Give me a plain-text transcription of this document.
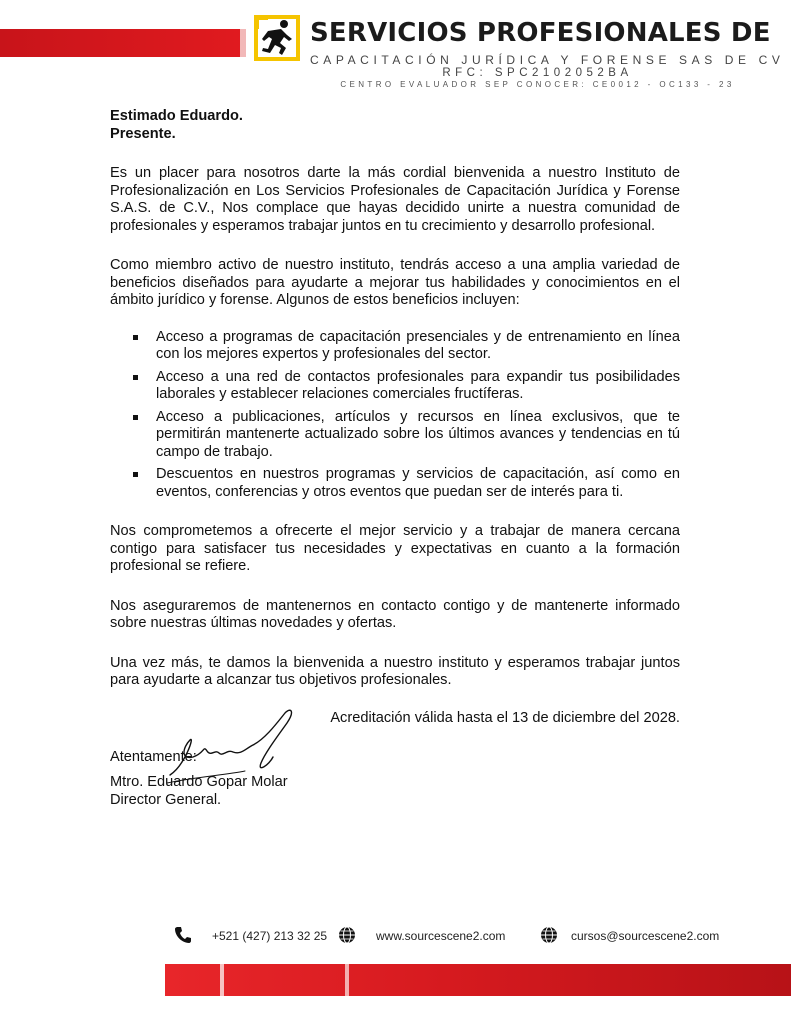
SERVICIOS PROFESIONALES DE
CAPACITACIÓN JURÍDICA Y FORENSE SAS DE CV
RFC: SPC2102052BA
CENTRO EVALUADOR SEP CONOCER: CE0012 - OC133 - 23

Estimado Eduardo.

Presente.

Es un placer para nosotros darte la más cordial bienvenida a nuestro Instituto de Profesionalización en Los Servicios Profesionales de Capacitación Jurídica y Forense S.A.S. de C.V., Nos complace que hayas decidido unirte a nuestra comunidad de profesionales y esperamos trabajar juntos en tu crecimiento y desarrollo profesional.

Como miembro activo de nuestro instituto, tendrás acceso a una amplia variedad de beneficios diseñados para ayudarte a mejorar tus habilidades y conocimientos en el ámbito jurídico y forense. Algunos de estos beneficios incluyen:

Acceso a programas de capacitación presenciales y de entrenamiento en línea con los mejores expertos y profesionales del sector.
Acceso a una red de contactos profesionales para expandir tus posibilidades laborales y establecer relaciones comerciales fructíferas.
Acceso a publicaciones, artículos y recursos en línea exclusivos, que te permitirán mantenerte actualizado sobre los últimos avances y tendencias en tú campo de trabajo.
Descuentos en nuestros programas y servicios de capacitación, así como en eventos, conferencias y otros eventos que puedan ser de interés para ti.

Nos comprometemos a ofrecerte el mejor servicio y a trabajar de manera cercana contigo para satisfacer tus necesidades y expectativas en cuanto a la formación profesional se refiere.

Nos aseguraremos de mantenernos en contacto contigo y de mantenerte informado sobre nuestras últimas novedades y ofertas.

Una vez más, te damos la bienvenida a nuestro instituto y esperamos trabajar juntos para ayudarte a alcanzar tus objetivos profesionales.

Acreditación válida hasta el 13 de diciembre del 2028.

Atentamente:

Mtro. Eduardo Gopar Molar
Director General.
+521 (427) 213 32 25	www.sourcescene2.com	cursos@sourcescene2.com
